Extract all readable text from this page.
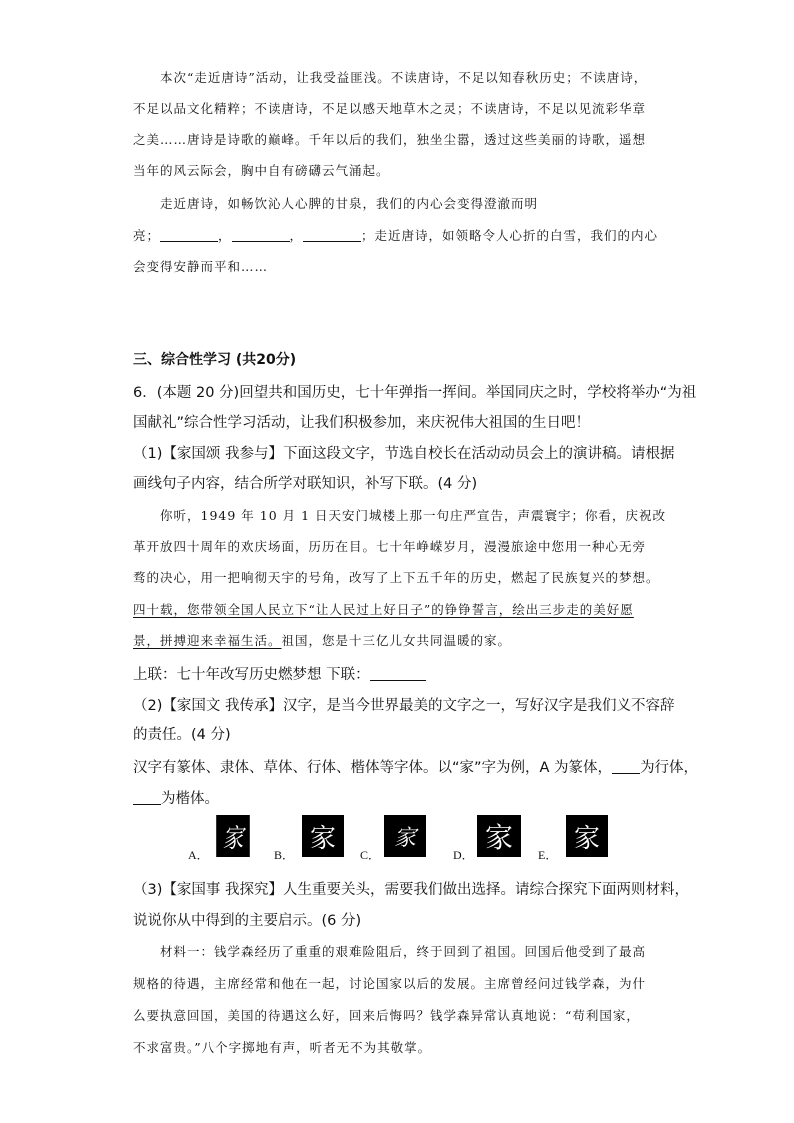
本次“走近唐诗”活动，让我受益匪浅。不读唐诗，不足以知春秋历史；不读唐诗，
不足以品文化精粹；不读唐诗，不足以感天地草木之灵；不读唐诗，不足以见流彩华章
之美……唐诗是诗歌的巅峰。千年以后的我们，独坐尘嚣，透过这些美丽的诗歌，遥想
当年的风云际会，胸中自有磅礴云气涌起。
走近唐诗，如畅饮沁人心脾的甘泉，我们的内心会变得澄澈而明
亮；	，	，	；走近唐诗，如领略令人心折的白雪，我们的内心
会变得安静而平和……
三、综合性学习 (共20分)
6．(本题 20 分)回望共和国历史，七十年弹指一挥间。举国同庆之时，学校将举办“为祖
国献礼”综合性学习活动，让我们积极参加，来庆祝伟大祖国的生日吧！
（1)【家国颂 我参与】下面这段文字，节选自校长在活动动员会上的演讲稿。请根据
画线句子内容，结合所学对联知识，补写下联。(4 分)
你听，1949 年 10 月 1 日天安门城楼上那一句庄严宣告，声震寰宇；你看，庆祝改
革开放四十周年的欢庆场面，历历在目。七十年峥嵘岁月，漫漫旅途中您用一种心无旁
骛的决心，用一把响彻天宇的号角，改写了上下五千年的历史，燃起了民族复兴的梦想。
四十载，您带领全国人民立下“让人民过上好日子”的铮铮誓言，绘出三步走的美好愿
景，拼搏迎来幸福生活。祖国，您是十三亿儿女共同温暖的家。
上联：七十年改写历史燃梦想 下联：
（2)【家国文 我传承】汉字，是当今世界最美的文字之一，写好汉字是我们义不容辞
的责任。(4 分)
汉字有篆体、隶体、草体、行体、楷体等字体。以“家”字为例，A 为篆体， 为行体，
为楷体。
A．
家
B．
家
C．
家
D．
家
E．
家
（3)【家国事 我探究】人生重要关头，需要我们做出选择。请综合探究下面两则材料，
说说你从中得到的主要启示。(6 分)
材料一：钱学森经历了重重的艰难险阻后，终于回到了祖国。回国后他受到了最高
规格的待遇，主席经常和他在一起，讨论国家以后的发展。主席曾经问过钱学森，为什
么要执意回国，美国的待遇这么好，回来后悔吗？钱学森异常认真地说：“苟利国家，
不求富贵。”八个字掷地有声，听者无不为其敬掌。
